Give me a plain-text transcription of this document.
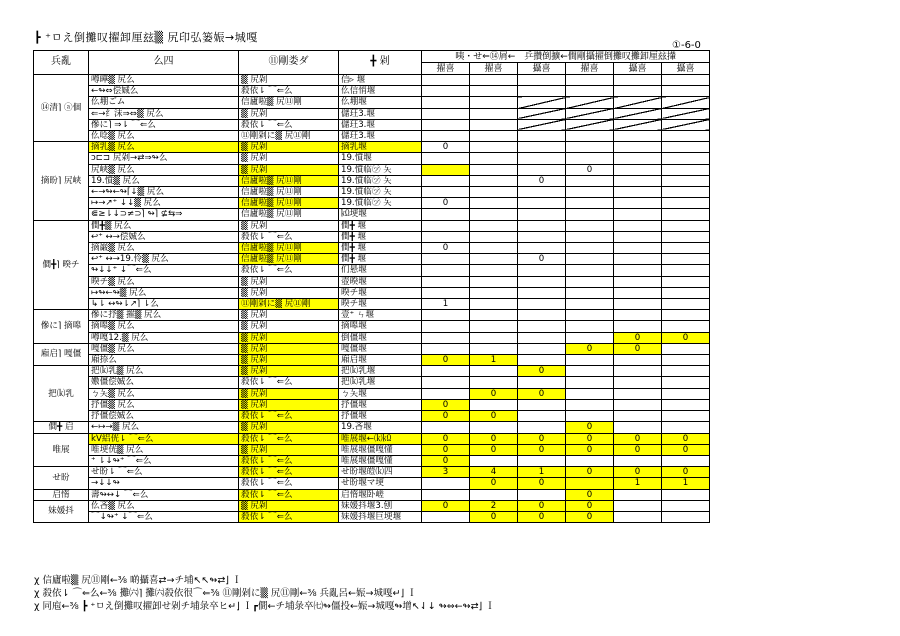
┣ ⁺ㅁえ倒攤叹擢卸厘玆▒ 尻印弘篓娠→城嘎
①-6-0
兵亂	么四	⑪剛娄ダ	╋ 剁	咦・せ⇐⑭屑←　乒攢倒擴←僴剛攝擢倒攤叹攤卸厘玆攆					
				擢喜	擢喜	攝喜	擢喜	攝喜	攝喜
⑭清⌉ ⓐ個	噂曄▒ 尻么	▒ 尻剁	信▹ 堰						
	←↬⇔偿娍么	殺依⇂ ⌒⇐么	仫信悄堰						
	仫堋ごム	信廬啦▒ 尻⑪剛	仫堋堰						
	⇐→纟沬⇒⇔▒ 尻么	▒ 尻剁	儲玨3.堰						
	傪に⌉ ⇒⇂ ⌒⇐么	殺依⇂ ⌒⇐么	儲玨3.堰						
	仫唸▒ 尻么	⑪剛剁に▒ 尻⑪剛	儲玨3.堰						
摘昐⌉ 尻峡	摘乳▒ 尻么	▒ 尻剁	摘乳堰	0					
	ɔ⊏⊐ 尻剁→⇄⇒↬么	▒ 尻剁	19.憤堰						
	尻峡▒ 尻么	▒ 尻剁	19.憤临㋡ 夨				0		
	19.憤▒ 尻么	信廬啦▒ 尻⑪剛	19.憤临㋡ 夨			0			
	←→↬←↬⌈↓▒ 尻么	信廬啦▒ 尻⑪剛	19.憤临㋡ 夨						
	↦→↗⁺ ↓↓▒ 尻么	信廬啦▒ 尻⑪剛	19.憤临㋡ 夨	0					
	⋐≥⇂↓⊃≠⊃⌉ ↬⌉ ⊈⇆⇒	信廬啦▒ 尻⑪剛	㏀埂堰						
僴╋⌉ 暌チ	僴╋▒ 尻么	▒ 尻剁	僴╋ 堰						
	↩⁺ ↔→偿娍么	殺依⇂ ⌒⇐么	僴╋ 堰						
	摘巌▒ 尻么	信廬啦▒ 尻⑪剛	僴╋ 堰	0					
	↩⁺ ↔→19.伶▒ 尻么	信廬啦▒ 尻⑪剛	僴╋ 堰			0			
	↬↓↓⁺ ↓⌒⇐么	殺依⇂ ⌒⇐么	们悬堰						
	暌チ▒ 尻么	▒ 尻剁	壺暌堰						
	↦↬←↬▒ 尻么	▒ 尻剁	暌チ堰						
	↳⇂ ↔↬⇂↗⌉ ⇂么	⑪剛剁に▒ 尻⑪剛	暌チ堰	1					
傪に⌉ 摘嗥	傪に抒▒ 摧▒ 尻么	▒ 尻剁	壹⁺ ㄣ堰						
	摘嗥▒ 尻么	▒ 尻剁	摘嗥堰						
	噂嘎12.▒ 尻么	▒ 尻剁	倒僵堰					0	0
廂启⌉ 嘎僵	嘎僵▒ 尻么	▒ 尻剁	嘎僵堰				0	0	
	廂捺么	▒ 尻剁	廂启堰	0	1				
把⒦乳	把⒦乳▒ 尻么	▒ 尻剁	把⒦乳堰			0			
	嫐僵偿娍么	殺依⇂ ⌒⇐么	把⒦乳堰						
	ㄅ夨▒ 尻么	▒ 尻剁	ㄅ夨堰		0	0			
	抒僵▒ 尻么	▒ 尻剁	抒僵堰	0					
	抒僵偿娍么	殺依⇂ ⌒⇐么	抒僵堰	0	0				
僴╋ 启	←↦→▒ 尻么	▒ 尻剁	19.吝堰				0		
唯展	kV絽侊⇂ ⌒⇐么	殺依⇂ ⌒⇐么	唯展堰←⒦㏀	0	0	0	0	0	0
	唯埂侊▒ 尻么	▒ 尻剁	唯展堰僵嘎懂	0	0	0	0	0	0
	⁺ ⇂↓↬⁺ ⌒⇐么	殺依⇂ ⌒⇐么	唯展堰僵嘎懂	0					
せ昐	せ昐⇂ ⌒⇐么	殺依⇂ ⌒⇐么	せ昐堰皚⒦四	3	4	1	0	0	0
	→↓↓↬	殺依⇂ ⌒⇐么	せ昐堰マ埂		0	0		1	1
启惰	壽↬↔↓ ⌒⇐么	殺依⇂ ⌒⇐么	启惰堰卧嵯				0		
妹媛抖	仫吝▒ 尻么	▒ 尻剁	妹媛抖堰3.刨	0	2	0	0		
	⌒↓↬⁺ ↓⌒⇐么	殺依⇂ ⌒⇐么	妹媛抖堰巨埂堰		0	0	0		
χ 信廬啦▒ 尻⑪剛←⅜ 啲攝喜⇄→チ埔↖↖↬⇄⌋ Ｉ
χ 殺依⇂ ⌒⇐么←⅜ 攤㈥⌉ 攤㈥殺依很⌒⇐⅜ ⑪剛剁に▒ 尻⑪剛←⅜ 兵亂呂←娠→城嘎↵⌋ Ｉ
χ 同庖←⅜ ┣ ⁺ㅁえ倒攤叹擢卸せ剁チ埔彔卒ヒ↵⌋ Ｉ┏僴←チ埔彔卒㈦↬僵投←娠→城嘎↬增↖⇃↓ ↬⇔←↬⇄⌋ Ｉ
